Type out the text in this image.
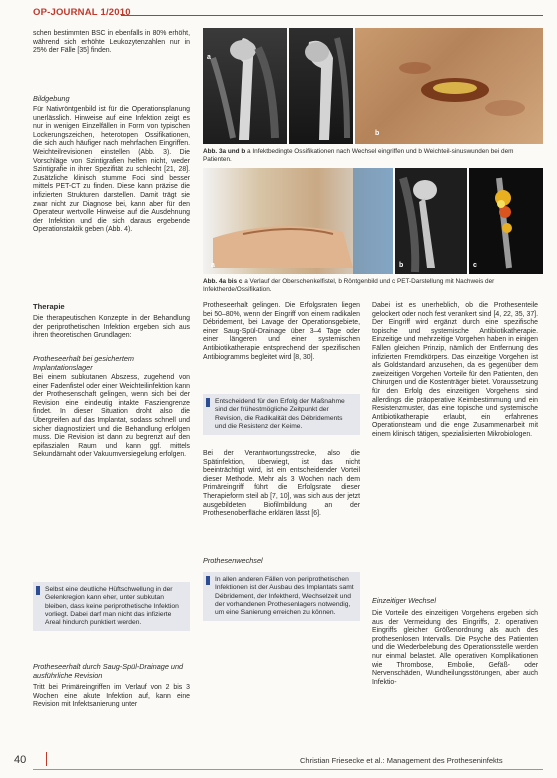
OP-JOURNAL 1/2010

schen bestimmten BSC in ebenfalls in 80% erhöht, während sich erhöhte Leukozytenzahlen nur in 25% der Fälle [35] finden.

Bildgebung

Für Nativröntgenbild ist für die Operationsplanung unerlässlich. Hinweise auf eine Infektion zeigt es nur in wenigen Einzelfällen in Form von typischen Lockerungszeichen, heterotopen Ossifikationen, die sich auch häufiger nach mehrfachen Eingriffen. Weichteilrevisionen einstellen (Abb. 3). Die Vorschläge von Szintigrafien helfen nicht, weder Szintigrafie in ihrer Spezifität zu schlecht [21, 28]. Zusätzliche klinisch stumme Foci sind besser mittels PET-CT zu finden. Diese kann präzise die infizierten Strukturen darstellen. Damit trägt sie zwar nicht zur Diagnose bei, kann aber für den Operateur wertvolle Hinweise auf die Ausdehnung der Infektion und die sich daraus ergebende Operationstaktik geben (Abb. 4).

Therapie

Die therapeutischen Konzepte in der Behandlung der periprothetischen Infektion ergeben sich aus ihren theoretischen Grundlagen:

Protheseerhalt bei gesichertem Implantationslager

Bei einem subkutanen Abszess, zugehend von einer Fadenfistel oder einer Weichteilinfektion kann der Prothesenschaft gelingen, wenn sich bei der Revision eine eindeutig intakte Fasziengrenze findet. In dieser Situation droht also die Übergreifen auf das Implantat, sodass schnell und sicher diagnostiziert und die Behandlung erfolgen muss. Die Revision ist dann zu begrenzt auf den epifaszialen Raum und kann ggf. mittels Sekundärnaht oder Vakuumversiegelung erfolgen.

Selbst eine deutliche Hüftschwellung in der Gelenkregion kann eher, unter subkutan bleiben, dass keine periprothetische Infektion vorliegt. Dabei darf man nicht das infizierte Areal hindurch punktiert werden.

Protheseerhalt durch Saug-Spül-Drainage und ausführliche Revision

Tritt bei Primäreingriffen im Verlauf von 2 bis 3 Wochen eine akute Infektion auf, kann eine Revision mit Infektsanierung unter

a
b

Abb. 3a und b a Infektbedingte Ossifikationen nach Wechsel eingriffen und b Weichteil-sinuswunden bei dem Patienten.

a	b	c

Abb. 4a bis c a Verlauf der Oberschenkelfistel, b Röntgenbild und c PET-Darstellung mit Nachweis der Infektherde/Ossifikation.

Protheseerhalt gelingen. Die Erfolgsraten liegen bei 50–80%, wenn der Eingriff von einem radikalen Débridement, bei Lavage der Operationsgebiete, einer Saug-Spül-Drainage über 3–4 Tage oder einer längeren und einer systemischen Antibiotikatherapie entsprechend der spezifischen Antibiogramms begleitet wird [8, 30].

Entscheidend für den Erfolg der Maßnahme sind der frühestmögliche Zeitpunkt der Revision, die Radikalität des Débridements und die Resistenz der Keime.

Bei der Verantwortungsstrecke, also die Spätinfektion, überwiegt, ist das nicht beeinträchtigt wird, ist ein entscheidender Vorteil dieser Methode. Mehr als 3 Wochen nach dem Primäreingriff führt die Erfolgsrate dieser Therapieform steil ab [7, 10], was sich aus der jetzt ausgebildeten Biofilmbildung an der Prothesenoberfläche erklären lässt [6].

Prothesenwechsel

In allen anderen Fällen von periprothetischen Infektionen ist der Ausbau des Implantats samt Débridement, der Infektherd, Wechselzeit und der vorhandenen Prothesenlagers notwendig, um eine Sanierung erreichen zu können.

Dabei ist es unerheblich, ob die Prothesenteile gelockert oder noch fest verankert sind [4, 22, 35, 37]. Der Eingriff wird ergänzt durch eine spezifische topische und systemische Antibiotikatherapie. Einzeitige und mehrzeitige Vorgehen haben in einigen Fällen gleichen Prinzip, nämlich der Entfernung des infizierten Fremdkörpers. Das einzeitige Vorgehen ist als Goldstandard anzusehen, da es gegenüber dem zweizeitigen Vorgehen Vorteile für den Patienten, den Chirurgen und die Kostenträger bietet. Voraussetzung für den Erfolg des einzeitigen Vorgehens sind allerdings die präoperative Keimbestimmung und ein Resistenzmuster, das eine topische und systemische Antibiotikatherapie erlaubt, ein erfahrenes Operationsteam und die enge Zusammenarbeit mit einem klinisch tätigen, spezialisierten Mikrobiologen.

Einzeitiger Wechsel

Die Vorteile des einzeitigen Vorgehens ergeben sich aus der Vermeidung des Eingriffs, 2. operativen Eingriffs gleicher Größenordnung als auch des prothesenlosen Intervalls. Die Psyche des Patienten und die Wiederbelebung des Operationsstelle werden nur einmal belastet. Alle operativen Komplikationen wie Thrombose, Embolie, Gefäß- oder Nervenschäden, Wundheilungsstörungen, aber auch Infektio-

40	Christian Friesecke et al.: Management des Protheseninfekts
